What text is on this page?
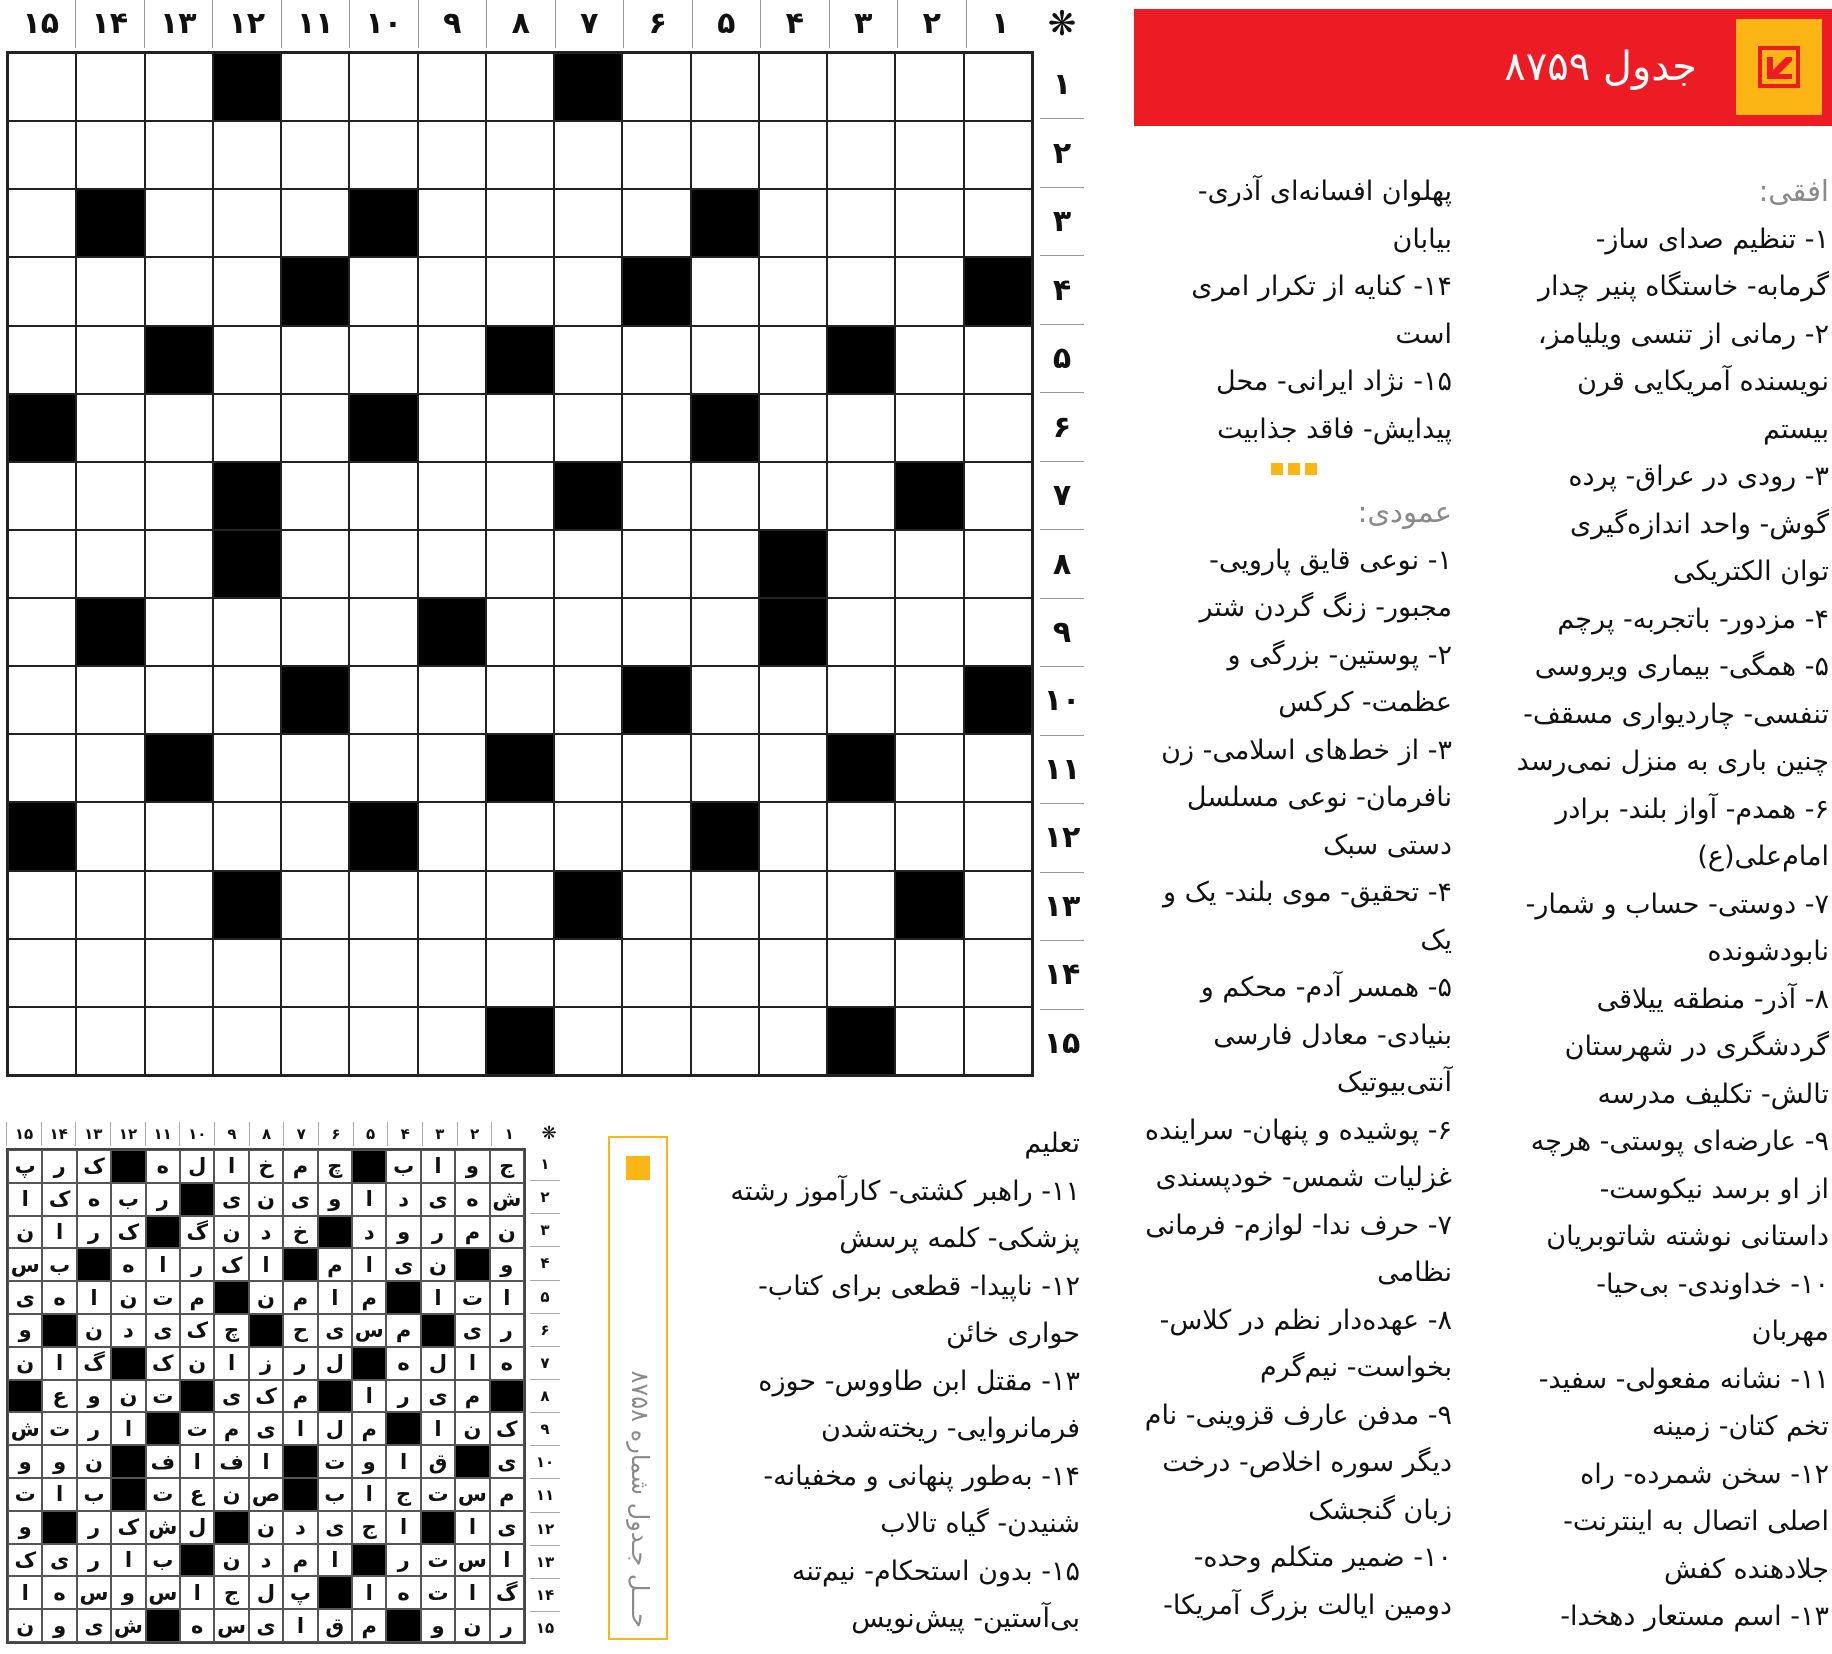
❋
۱
۲
۳
۴
۵
۶
۷
۸
۹
۱۰
۱۱
۱۲
۱۳
۱۴
۱۵
۱
۲
۳
۴
۵
۶
۷
۸
۹
۱۰
۱۱
۱۲
۱۳
۱۴
۱۵
جدول ۸۷۵۹
افقی:
۱- تنظیم صدای ساز- گرمابه- خاستگاه پنیر چدار
۲- رمانی از تنسی ویلیامز، نویسنده آمریکایی قرن بیستم
۳- رودی در عراق- پرده گوش- واحد اندازه‌گیری توان الکتریکی
۴- مزدور- باتجربه- پرچم
۵- همگی- بیماری ویروسی تنفسی- چاردیواری مسقف- چنین باری به منزل نمی‌رسد
۶- همدم- آواز بلند- برادر امام‌علی(ع)
۷- دوستی- حساب و شمار- نابودشونده
۸- آذر- منطقه ییلاقی گردشگری در شهرستان تالش- تکلیف مدرسه
۹- عارضه‌ای پوستی- هرچه از او برسد نیکوست- داستانی نوشته شاتوبریان
۱۰- خداوندی- بی‌حیا- مهربان
۱۱- نشانه مفعولی- سفید- تخم کتان- زمینه
۱۲- سخن شمرده- راه اصلی اتصال به اینترنت- جلادهنده کفش
۱۳- اسم مستعار دهخدا-
پهلوان افسانه‌ای آذری- بیابان
۱۴- کنایه از تکرار امری است
۱۵- نژاد ایرانی- محل پیدایش- فاقد جذابیت
عمودی:
۱- نوعی قایق پارویی- مجبور- زنگ گردن شتر
۲- پوستین- بزرگی و عظمت- کرکس
۳- از خط‌های اسلامی- زن نافرمان- نوعی مسلسل دستی سبک
۴- تحقیق- موی بلند- یک و یک
۵- همسر آدم- محکم و بنیادی- معادل فارسی آنتی‌بیوتیک
۶- پوشیده و پنهان- سراینده غزلیات شمس- خودپسندی
۷- حرف ندا- لوازم- فرمانی نظامی
۸- عهده‌دار نظم در کلاس- بخواست- نیم‌گرم
۹- مدفن عارف قزوینی- نام دیگر سوره اخلاص- درخت زبان گنجشک
۱۰- ضمیر متکلم وحده- دومین ایالت بزرگ آمریکا-
تعلیم
۱۱- راهبر کشتی- کارآموز رشته پزشکی- کلمه پرسش
۱۲- ناپیدا- قطعی برای کتاب- حواری خائن
۱۳- مقتل ابن طاووس- حوزه فرمانروایی- ریخته‌شدن
۱۴- به‌طور پنهانی و مخفیانه- شنیدن- گیاه تالاب
۱۵- بدون استحکام- نیم‌تنه بی‌آستین- پیش‌نویس
۱
۲
۳
۴
۵
۶
۷
۸
۹
۱۰
۱۱
۱۲
۱۳
۱۴
۱۵	❋
ج
و
ا
ب
چ
م
خ
ا
ل
ه
ک
ر
پ
ش
ه
ی
د
ا
و
ی
ن
ی
ر
ب
ه
ک
ا
ن
م
ر
و
د
خ
د
ن
گ
ک
ر
ا
ن
و
ن
ی
ا
م
ا
ک
ر
ا
ه
ب
س
ا
ت
ا
م
ا
م
ن
م
ت
ن
ا
ه
ی
ر
ی
م
س
ی
ح
چ
ک
ی
د
ن
و
ه
ا
ل
ه
ل
ر
ز
ا
ن
ک
گ
ا
ن
م
ی
ر
ا
م
ک
ی
ت
ن
و
ع
ک
ن
ا
م
ل
ا
ی
م
ت
ا
ر
ت
ش
ی
ق
ا
و
ت
ا
ف
ا
ف
ن
و
و
م
س
ت
ج
ا
ب
ص
ن
ع
ت
ب
ا
ت
ی
ا
ا
ج
ی
د
ن
ل
ش
ک
ر
و
ا
س
ت
ر
ا
م
د
ن
ب
ا
ر
ی
ک
گ
ا
ت
ه
ا
پ
ل
ج
ا
س
و
س
ه
ا
ر
ن
و
م
ق
ا
ی
س
ه
ش
ی
و
ن
۱
۲
۳
۴
۵
۶
۷
۸
۹
۱۰
۱۱
۱۲
۱۳
۱۴
۱۵
حـــل جـدول شماره ۸۷۵۸
